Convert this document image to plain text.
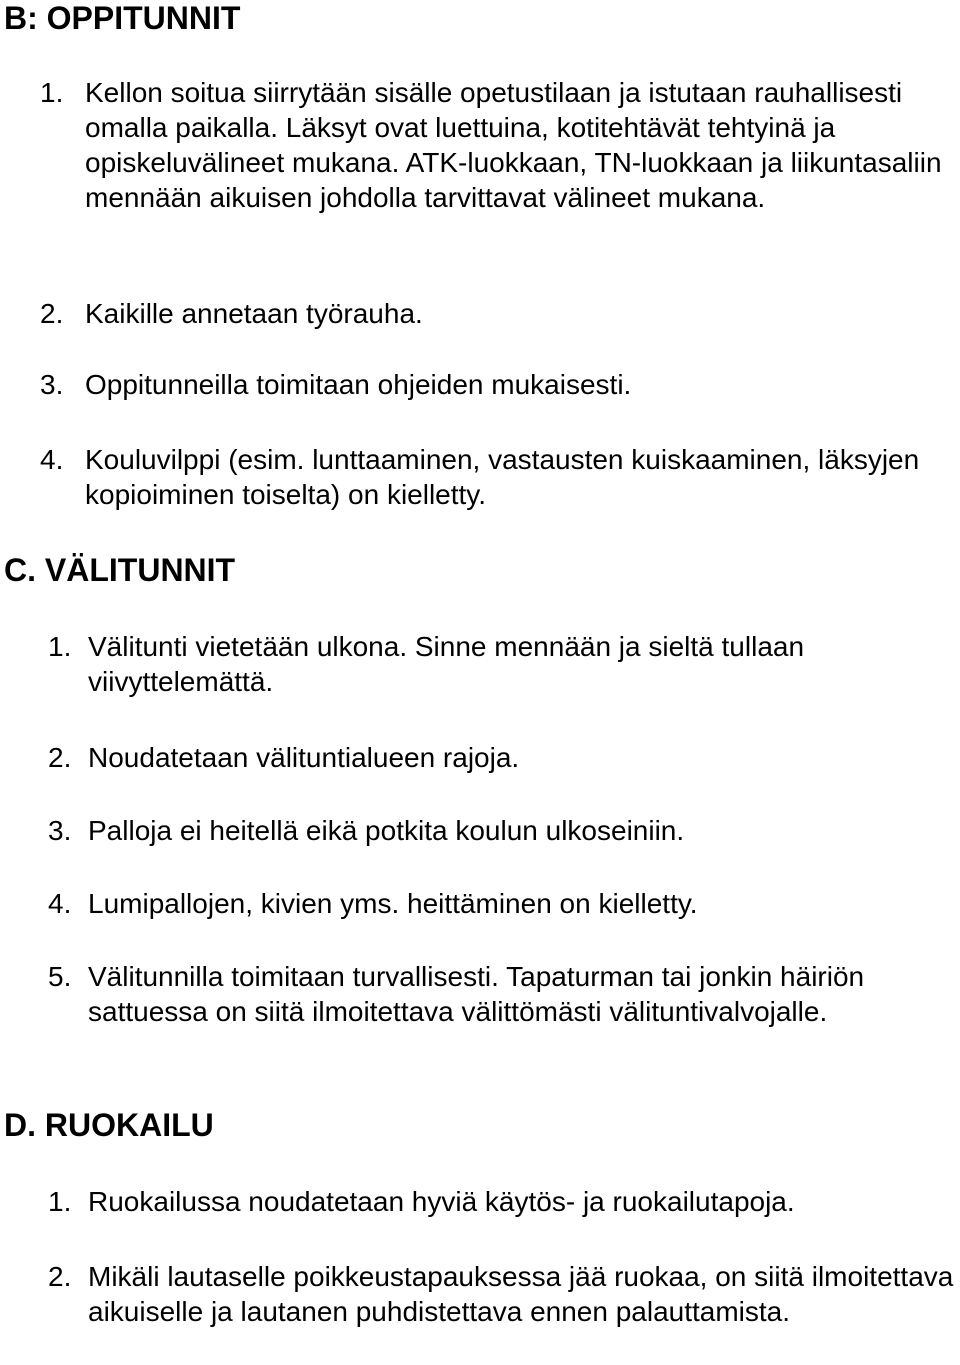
B: OPPITUNNIT
1. Kellon soitua siirrytään sisälle opetustilaan ja istutaan rauhallisesti omalla paikalla. Läksyt ovat luettuina, kotitehtävät tehtyinä ja opiskeluvälineet mukana. ATK-luokkaan, TN-luokkaan ja liikuntasaliin mennään aikuisen johdolla tarvittavat välineet mukana.
2. Kaikille annetaan työrauha.
3. Oppitunneilla toimitaan ohjeiden mukaisesti.
4. Kouluvilppi (esim. lunttaaminen, vastausten kuiskaaminen, läksyjen kopioiminen toiselta) on kielletty.
C. VÄLITUNNIT
1. Välitunti vietetään ulkona. Sinne mennään ja sieltä tullaan viivyttelemättä.
2. Noudatetaan välituntialueen rajoja.
3. Palloja ei heitellä eikä potkita koulun ulkoseiniin.
4. Lumipallojen, kivien yms. heittäminen on kielletty.
5. Välitunnilla toimitaan turvallisesti. Tapaturman tai jonkin häiriön sattuessa on siitä ilmoitettava välittömästi välituntivalvojalle.
D. RUOKAILU
1. Ruokailussa noudatetaan hyviä käytös- ja ruokailutapoja.
2. Mikäli lautaselle poikkeustapauksessa jää ruokaa, on siitä ilmoitettava aikuiselle ja lautanen puhdistettava ennen palauttamista.
